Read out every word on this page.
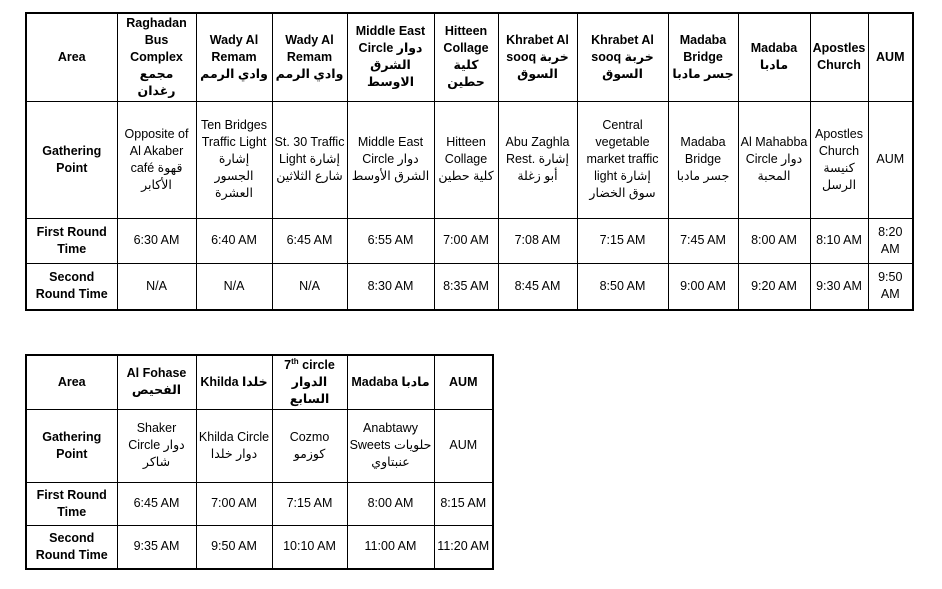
Area	Raghadan Bus Complex مجمع رغدان	Wady Al Remam وادي الرمم	Wady Al Remam وادي الرمم	Middle East Circle دوار الشرق الاوسط	Hitteen Collage كلية حطين	Khrabet Al sooq خربة السوق	Khrabet Al sooq خربة السوق	Madaba Bridge جسر مادبا	Madaba مادبا	Apostles Church	AUM
Gathering Point	Opposite of Al Akaber café قهوة الأكابر	Ten Bridges Traffic Light إشارة الجسور العشرة	St. 30 Traffic Light إشارة شارع الثلاثين	Middle East Circle دوار الشرق الأوسط	Hitteen Collage كلية حطين	Abu Zaghla Rest. إشارة أبو زغلة	Central vegetable market traffic light إشارة سوق الخضار	Madaba Bridge جسر مادبا	Al Mahabba Circle دوار المحبة	Apostles Church كنيسة الرسل	AUM
First Round Time	6:30 AM	6:40 AM	6:45 AM	6:55 AM	7:00 AM	7:08 AM	7:15 AM	7:45 AM	8:00 AM	8:10 AM	8:20 AM
Second Round Time	N/A	N/A	N/A	8:30 AM	8:35 AM	8:45 AM	8:50 AM	9:00 AM	9:20 AM	9:30 AM	9:50 AM
Area	Al Fohase الفحيص	Khilda خلدا	7th circle الدوار السابع	Madaba مادبا	AUM
Gathering Point	Shaker Circle دوار شاكر	Khilda Circle دوار خلدا	Cozmo كوزمو	Anabtawy Sweets حلويات عنبتاوي	AUM
First Round Time	6:45 AM	7:00 AM	7:15 AM	8:00 AM	8:15 AM
Second Round Time	9:35 AM	9:50 AM	10:10 AM	11:00 AM	11:20 AM
